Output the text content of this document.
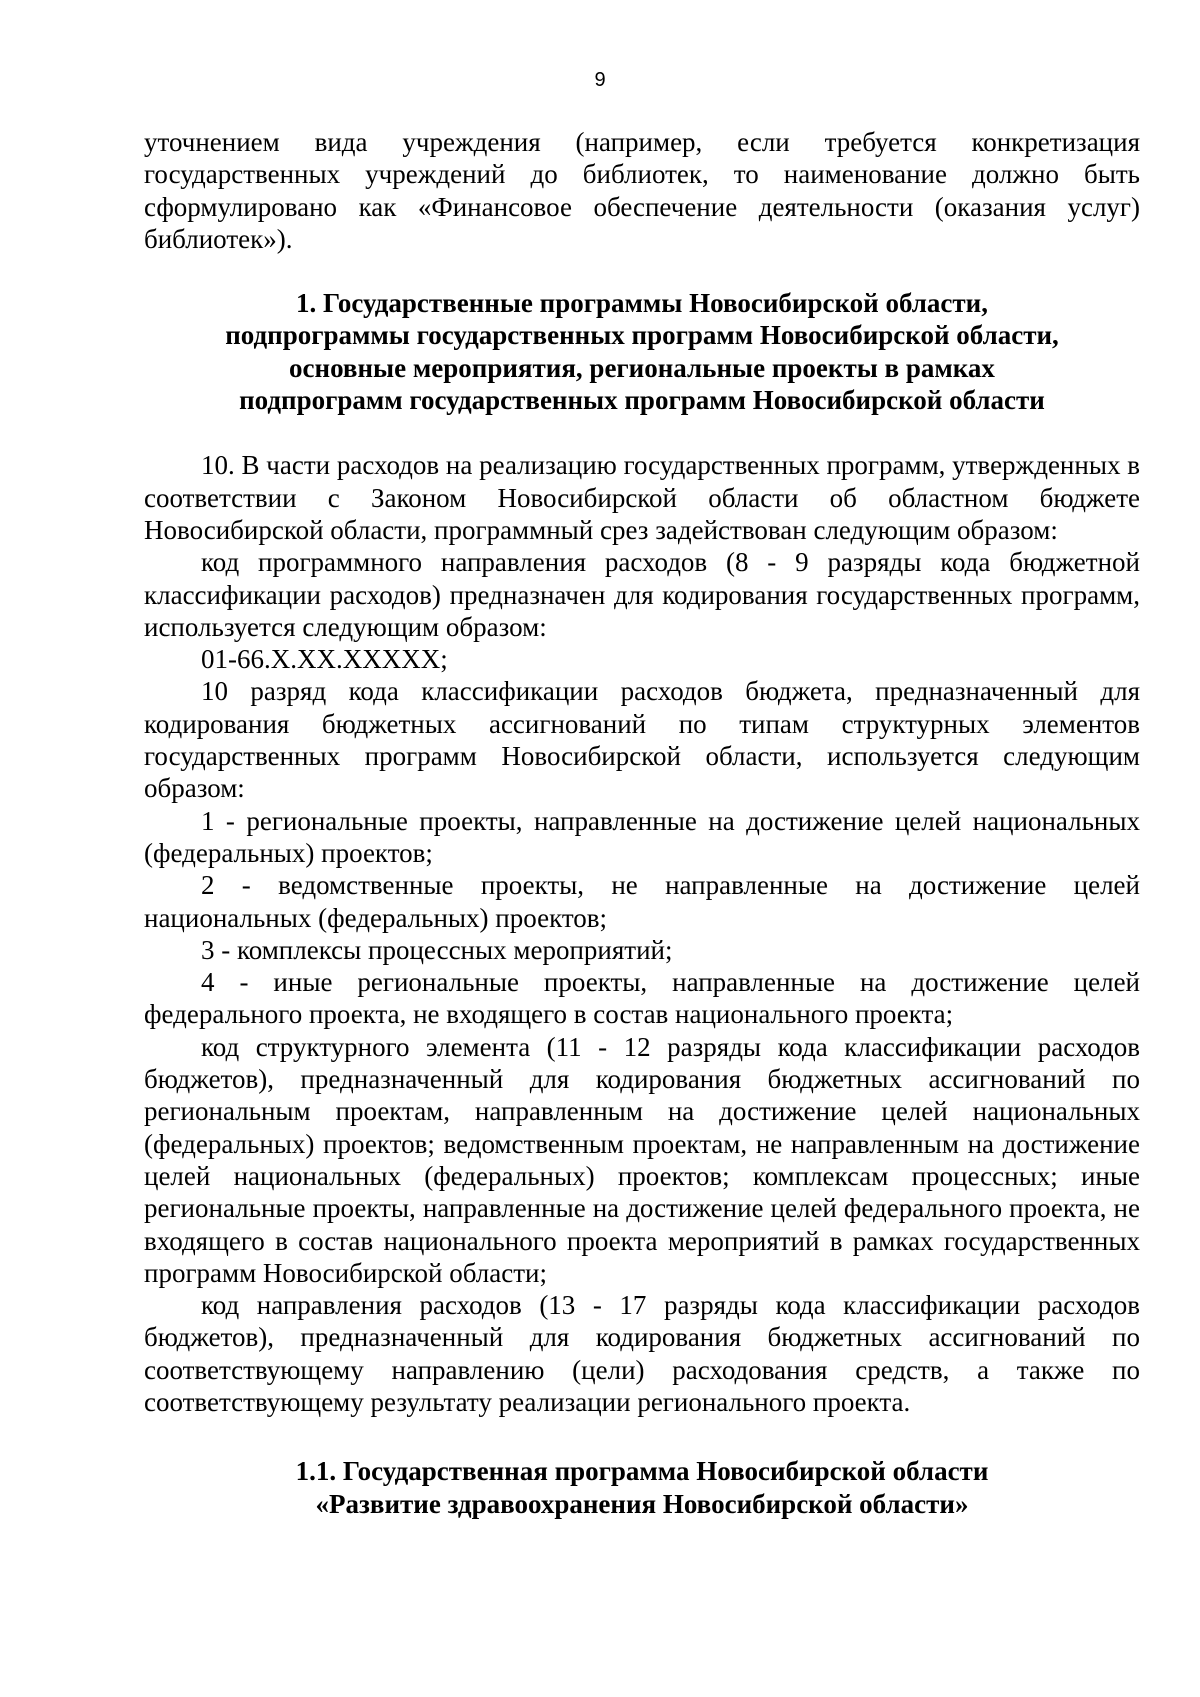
9

уточнением вида учреждения (например, если требуется конкретизация государственных учреждений до библиотек, то наименование должно быть сформулировано как «Финансовое обеспечение деятельности (оказания услуг) библиотек»).

1. Государственные программы Новосибирской области,
подпрограммы государственных программ Новосибирской области,
основные мероприятия, региональные проекты в рамках
подпрограмм государственных программ Новосибирской области

10. В части расходов на реализацию государственных программ, утвержденных в соответствии с Законом Новосибирской области об областном бюджете Новосибирской области, программный срез задействован следующим образом:

код программного направления расходов (8 - 9 разряды кода бюджетной классификации расходов) предназначен для кодирования государственных программ, используется следующим образом:

01-66.Х.ХХ.ХХХХХ;

10 разряд кода классификации расходов бюджета, предназначенный для кодирования бюджетных ассигнований по типам структурных элементов государственных программ Новосибирской области, используется следующим образом:

1 - региональные проекты, направленные на достижение целей национальных (федеральных) проектов;

2 - ведомственные проекты, не направленные на достижение целей национальных (федеральных) проектов;

3 - комплексы процессных мероприятий;

4 - иные региональные проекты, направленные на достижение целей федерального проекта, не входящего в состав национального проекта;

код структурного элемента (11 - 12 разряды кода классификации расходов бюджетов), предназначенный для кодирования бюджетных ассигнований по региональным проектам, направленным на достижение целей национальных (федеральных) проектов; ведомственным проектам, не направленным на достижение целей национальных (федеральных) проектов; комплексам процессных; иные региональные проекты, направленные на достижение целей федерального проекта, не входящего в состав национального проекта мероприятий в рамках государственных программ Новосибирской области;

код направления расходов (13 - 17 разряды кода классификации расходов бюджетов), предназначенный для кодирования бюджетных ассигнований по соответствующему направлению (цели) расходования средств, а также по соответствующему результату реализации регионального проекта.

1.1. Государственная программа Новосибирской области
«Развитие здравоохранения Новосибирской области»
